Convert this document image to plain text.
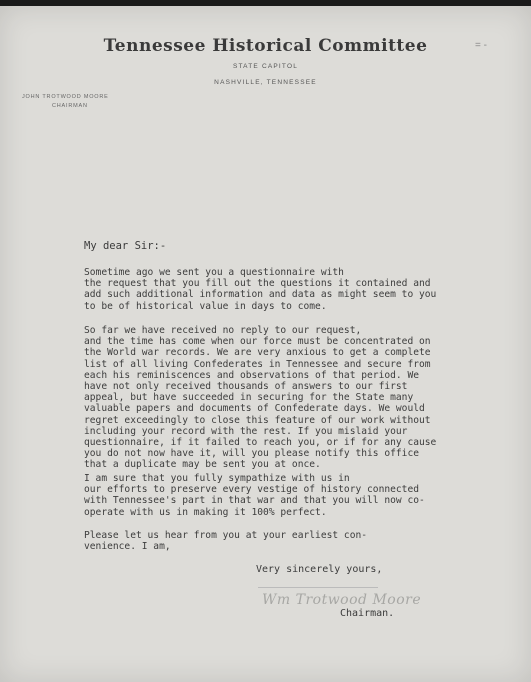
Tennessee Historical Committee
STATE CAPITOL
NASHVILLE, TENNESSEE
= -
JOHN TROTWOOD MOORE
CHAIRMAN
My dear Sir:-
Sometime ago we sent you a questionnaire with
the request that you fill out the questions it contained and
add such additional information and data as might seem to you
to be of historical value in days to come.
So far we have received no reply to our request,
and the time has come when our force must be concentrated on
the World war records. We are very anxious to get a complete
list of all living Confederates in Tennessee and secure from
each his reminiscences and observations of that period. We
have not only received thousands of answers to our first
appeal, but have succeeded in securing for the State many
valuable papers and documents of Confederate days. We would
regret exceedingly to close this feature of our work without
including your record with the rest. If you mislaid your
questionnaire, if it failed to reach you, or if for any cause
you do not now have it, will you please notify this office
that a duplicate may be sent you at once.
I am sure that you fully sympathize with us in
our efforts to preserve every vestige of history connected
with Tennessee's part in that war and that you will now co-
operate with us in making it 100% perfect.
Please let us hear from you at your earliest con-
venience. I am,
Very sincerely yours,
Wm Trotwood Moore
Chairman.
